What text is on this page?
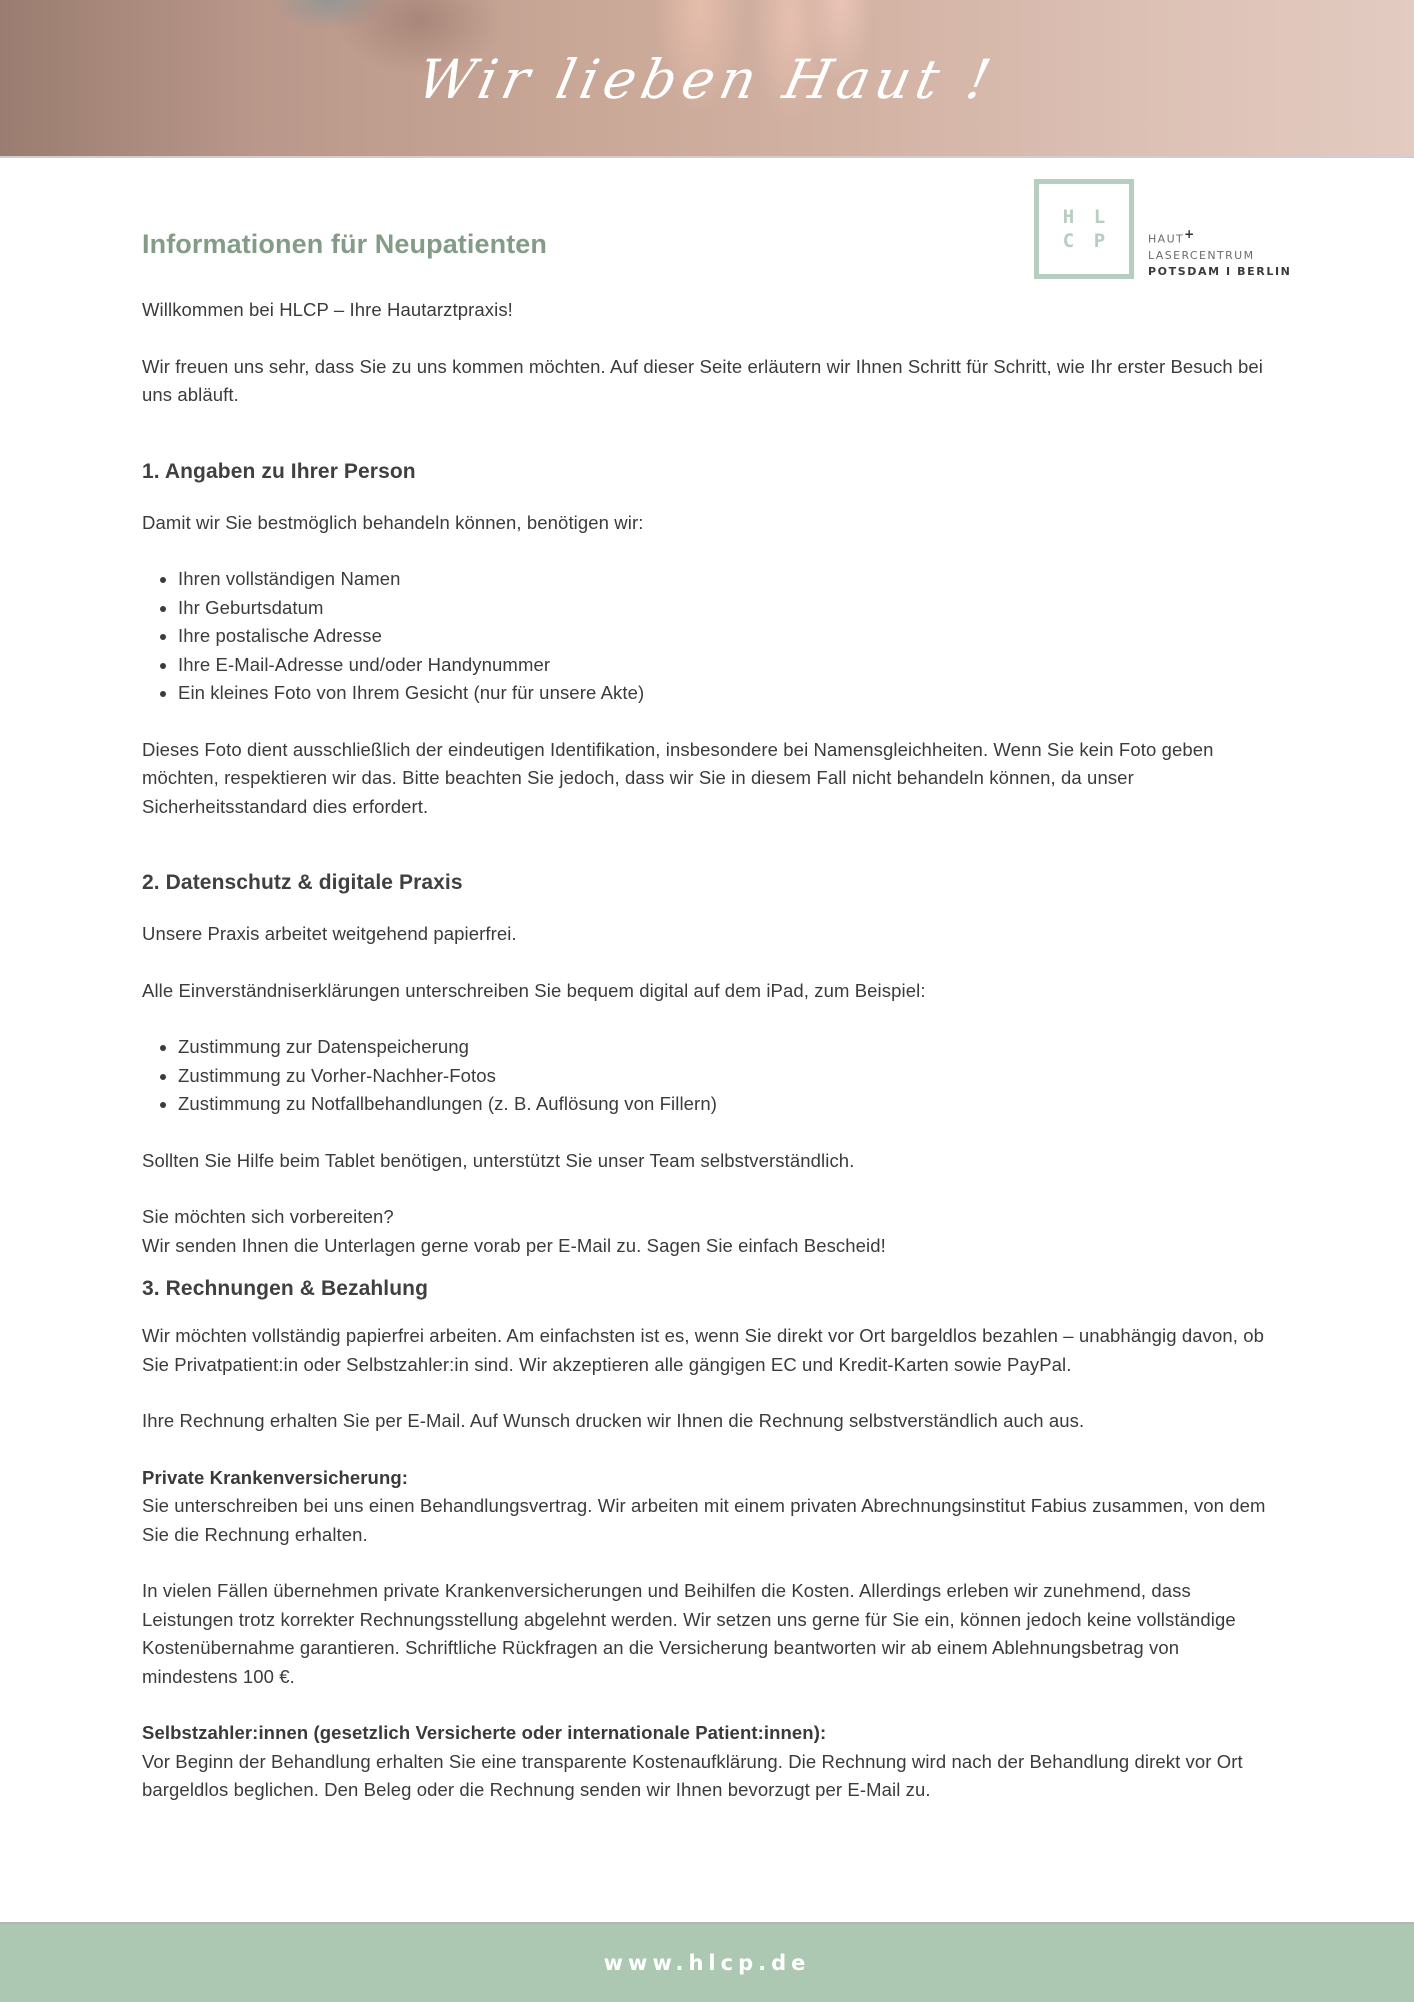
Wir lieben Haut !
H	L
C	P	HAUT+
LASERCENTRUM
POTSDAM I BERLIN
Informationen für Neupatienten

Willkommen bei HLCP – Ihre Hautarztpraxis!

Wir freuen uns sehr, dass Sie zu uns kommen möchten. Auf dieser Seite erläutern wir Ihnen Schritt für Schritt, wie Ihr erster Besuch bei uns abläuft.

1. Angaben zu Ihrer Person

Damit wir Sie bestmöglich behandeln können, benötigen wir:

• Ihren vollständigen Namen
• Ihr Geburtsdatum
• Ihre postalische Adresse
• Ihre E-Mail-Adresse und/oder Handynummer
• Ein kleines Foto von Ihrem Gesicht (nur für unsere Akte)

Dieses Foto dient ausschließlich der eindeutigen Identifikation, insbesondere bei Namensgleichheiten. Wenn Sie kein Foto geben möchten, respektieren wir das. Bitte beachten Sie jedoch, dass wir Sie in diesem Fall nicht behandeln können, da unser Sicherheitsstandard dies erfordert.

2. Datenschutz & digitale Praxis

Unsere Praxis arbeitet weitgehend papierfrei.

Alle Einverständniserklärungen unterschreiben Sie bequem digital auf dem iPad, zum Beispiel:

• Zustimmung zur Datenspeicherung
• Zustimmung zu Vorher-Nachher-Fotos
• Zustimmung zu Notfallbehandlungen (z. B. Auflösung von Fillern)

Sollten Sie Hilfe beim Tablet benötigen, unterstützt Sie unser Team selbstverständlich.

Sie möchten sich vorbereiten?

Wir senden Ihnen die Unterlagen gerne vorab per E-Mail zu. Sagen Sie einfach Bescheid!

3. Rechnungen & Bezahlung

Wir möchten vollständig papierfrei arbeiten. Am einfachsten ist es, wenn Sie direkt vor Ort bargeldlos bezahlen – unabhängig davon, ob Sie Privatpatient:in oder Selbstzahler:in sind. Wir akzeptieren alle gängigen EC und Kredit-Karten sowie PayPal.

Ihre Rechnung erhalten Sie per E-Mail. Auf Wunsch drucken wir Ihnen die Rechnung selbstverständlich auch aus.

Private Krankenversicherung:

Sie unterschreiben bei uns einen Behandlungsvertrag. Wir arbeiten mit einem privaten Abrechnungsinstitut Fabius zusammen, von dem Sie die Rechnung erhalten.

In vielen Fällen übernehmen private Krankenversicherungen und Beihilfen die Kosten. Allerdings erleben wir zunehmend, dass Leistungen trotz korrekter Rechnungsstellung abgelehnt werden. Wir setzen uns gerne für Sie ein, können jedoch keine vollständige Kostenübernahme garantieren. Schriftliche Rückfragen an die Versicherung beantworten wir ab einem Ablehnungsbetrag von mindestens 100 €.

Selbstzahler:innen (gesetzlich Versicherte oder internationale Patient:innen):

Vor Beginn der Behandlung erhalten Sie eine transparente Kostenaufklärung. Die Rechnung wird nach der Behandlung direkt vor Ort bargeldlos beglichen. Den Beleg oder die Rechnung senden wir Ihnen bevorzugt per E-Mail zu.

www.hlcp.de
